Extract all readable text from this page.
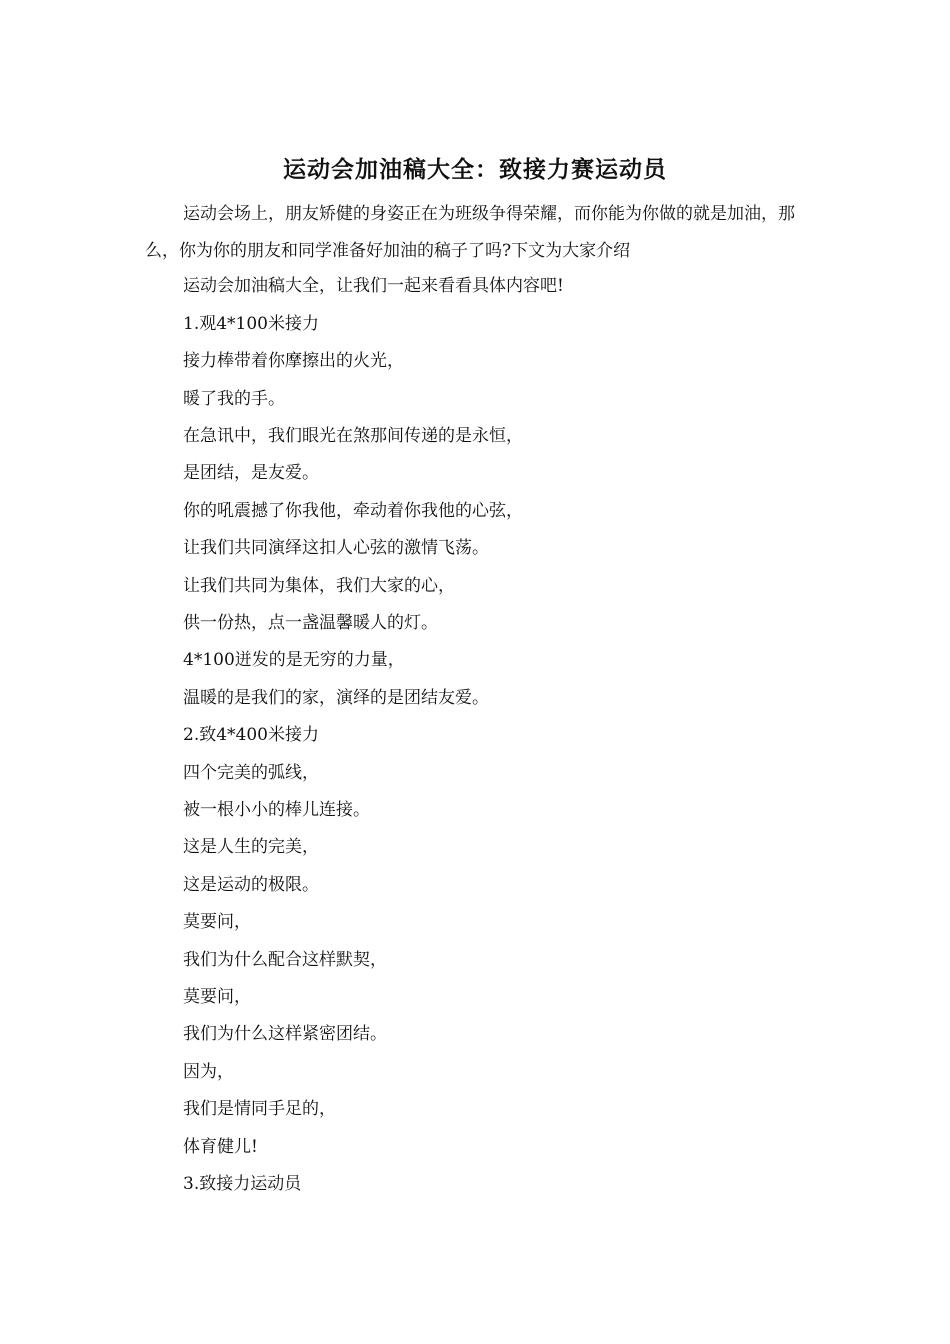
运动会加油稿大全：致接力赛运动员

运动会场上，朋友矫健的身姿正在为班级争得荣耀，而你能为你做的就是加油，那么，你为你的朋友和同学准备好加油的稿子了吗?下文为大家介绍

运动会加油稿大全，让我们一起来看看具体内容吧!
1.观4*100米接力
接力棒带着你摩擦出的火光，
暖了我的手。
在急讯中，我们眼光在煞那间传递的是永恒，
是团结，是友爱。
你的吼震撼了你我他，牵动着你我他的心弦，
让我们共同演绎这扣人心弦的激情飞荡。
让我们共同为集体，我们大家的心，
供一份热，点一盏温馨暖人的灯。
4*100迸发的是无穷的力量，
温暖的是我们的家，演绎的是团结友爱。
2.致4*400米接力
四个完美的弧线，
被一根小小的棒儿连接。
这是人生的完美，
这是运动的极限。
莫要问，
我们为什么配合这样默契，
莫要问，
我们为什么这样紧密团结。
因为，
我们是情同手足的，
体育健儿!
3.致接力运动员
